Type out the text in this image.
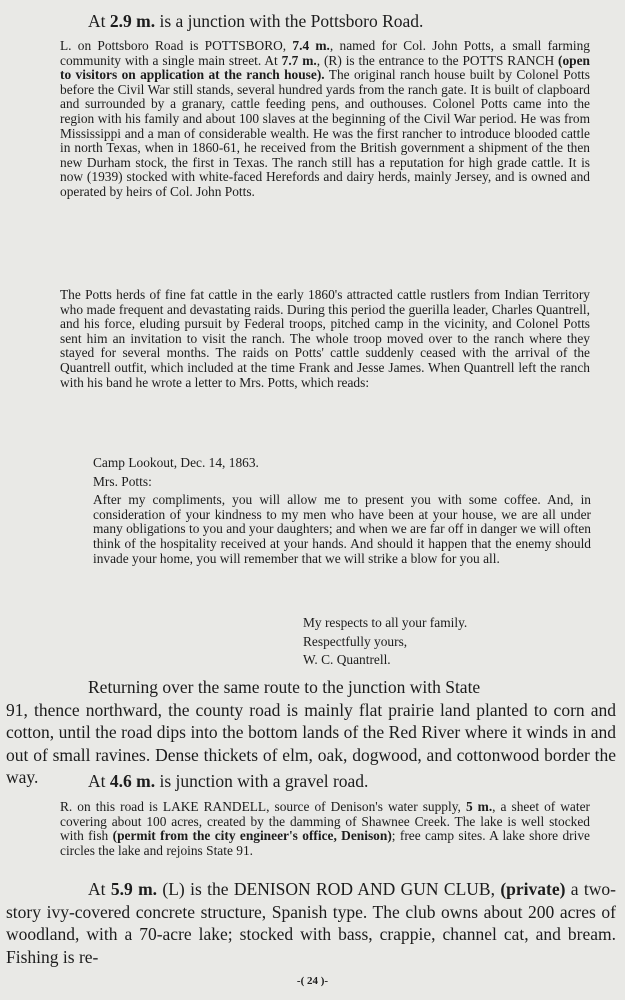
At 2.9 m. is a junction with the Pottsboro Road.

L. on Pottsboro Road is POTTSBORO, 7.4 m., named for Col. John Potts, a small farming community with a single main street. At 7.7 m., (R) is the entrance to the POTTS RANCH (open to visitors on application at the ranch house). The original ranch house built by Colonel Potts before the Civil War still stands, several hundred yards from the ranch gate. It is built of clapboard and surrounded by a granary, cattle feeding pens, and outhouses. Colonel Potts came into the region with his family and about 100 slaves at the beginning of the Civil War period. He was from Mississippi and a man of considerable wealth. He was the first rancher to introduce blooded cattle in north Texas, when in 1860-61, he received from the British government a shipment of the then new Durham stock, the first in Texas. The ranch still has a reputation for high grade cattle. It is now (1939) stocked with white-faced Herefords and dairy herds, mainly Jersey, and is owned and operated by heirs of Col. John Potts.

The Potts herds of fine fat cattle in the early 1860's attracted cattle rustlers from Indian Territory who made frequent and devastating raids. During this period the guerilla leader, Charles Quantrell, and his force, eluding pursuit by Federal troops, pitched camp in the vicinity, and Colonel Potts sent him an invitation to visit the ranch. The whole troop moved over to the ranch where they stayed for several months. The raids on Potts' cattle suddenly ceased with the arrival of the Quantrell outfit, which included at the time Frank and Jesse James. When Quantrell left the ranch with his band he wrote a letter to Mrs. Potts, which reads:

Camp Lookout, Dec. 14, 1863.

Mrs. Potts:

After my compliments, you will allow me to present you with some coffee. And, in consideration of your kindness to my men who have been at your house, we are all under many obligations to you and your daughters; and when we are far off in danger we will often think of the hospitality received at your hands. And should it happen that the enemy should invade your home, you will remember that we will strike a blow for you all.

My respects to all your family.

Respectfully yours,

W. C. Quantrell.

Returning over the same route to the junction with State
91, thence northward, the county road is mainly flat prairie land planted to corn and cotton, until the road dips into the bottom lands of the Red River where it winds in and out of small ravines. Dense thickets of elm, oak, dogwood, and cottonwood border the way.	At 4.6 m. is junction with a gravel road.

R. on this road is LAKE RANDELL, source of Denison's water supply, 5 m., a sheet of water covering about 100 acres, created by the damming of Shawnee Creek. The lake is well stocked with fish (permit from the city engineer's office, Denison); free camp sites. A lake shore drive circles the lake and rejoins State 91.

At 5.9 m. (L) is the DENISON ROD AND GUN CLUB, (private) a two-story ivy-covered concrete structure, Spanish type. The club owns about 200 acres of woodland, with a 70-acre lake; stocked with bass, crappie, channel cat, and bream. Fishing is re-

-( 24 )-
